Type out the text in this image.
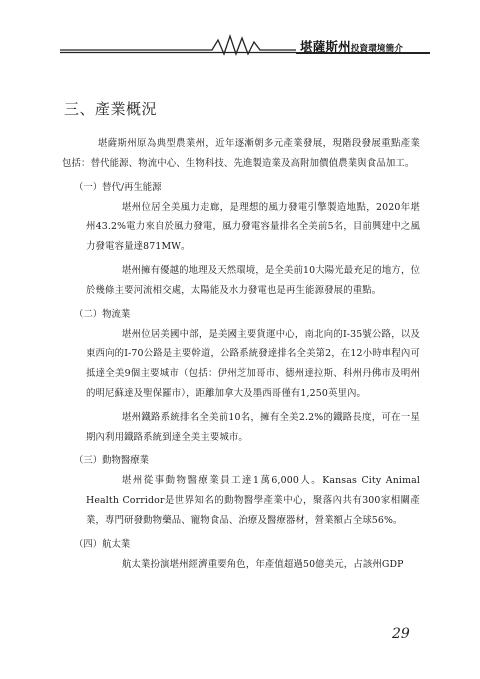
堪薩斯州投資環境簡介
三、產業概況

堪薩斯州原為典型農業州，近年逐漸朝多元產業發展，現階段發展重點產業包括：替代能源、物流中心、生物科技、先進製造業及高附加價值農業與食品加工。

（一）替代/再生能源

堪州位居全美風力走廊，是理想的風力發電引擎製造地點，2020年堪州43.2%電力來自於風力發電，風力發電容量排名全美前5名，目前興建中之風力發電容量達871MW。

堪州擁有優越的地理及天然環境，是全美前10大陽光最充足的地方，位於幾條主要河流相交處，太陽能及水力發電也是再生能源發展的重點。

（二）物流業

堪州位居美國中部，是美國主要貨運中心，南北向的I-35號公路，以及東西向的I-70公路是主要幹道，公路系統發達排名全美第2，在12小時車程內可抵達全美9個主要城市（包括：伊州芝加哥市、德州達拉斯、科州丹佛市及明州的明尼蘇達及聖保羅市），距離加拿大及墨西哥僅有1,250英里內。

堪州鐵路系統排名全美前10名，擁有全美2.2%的鐵路長度，可在一星期內利用鐵路系統到達全美主要城市。

（三）動物醫療業

堪州從事動物醫療業員工達1萬6,000人。Kansas City Animal Health Corridor是世界知名的動物醫學產業中心，聚落內共有300家相關產業，專門研發動物藥品、寵物食品、治療及醫療器材，營業額占全球56%。

（四）航太業

航太業扮演堪州經濟重要角色，年產值超過50億美元，占該州GDP

29
